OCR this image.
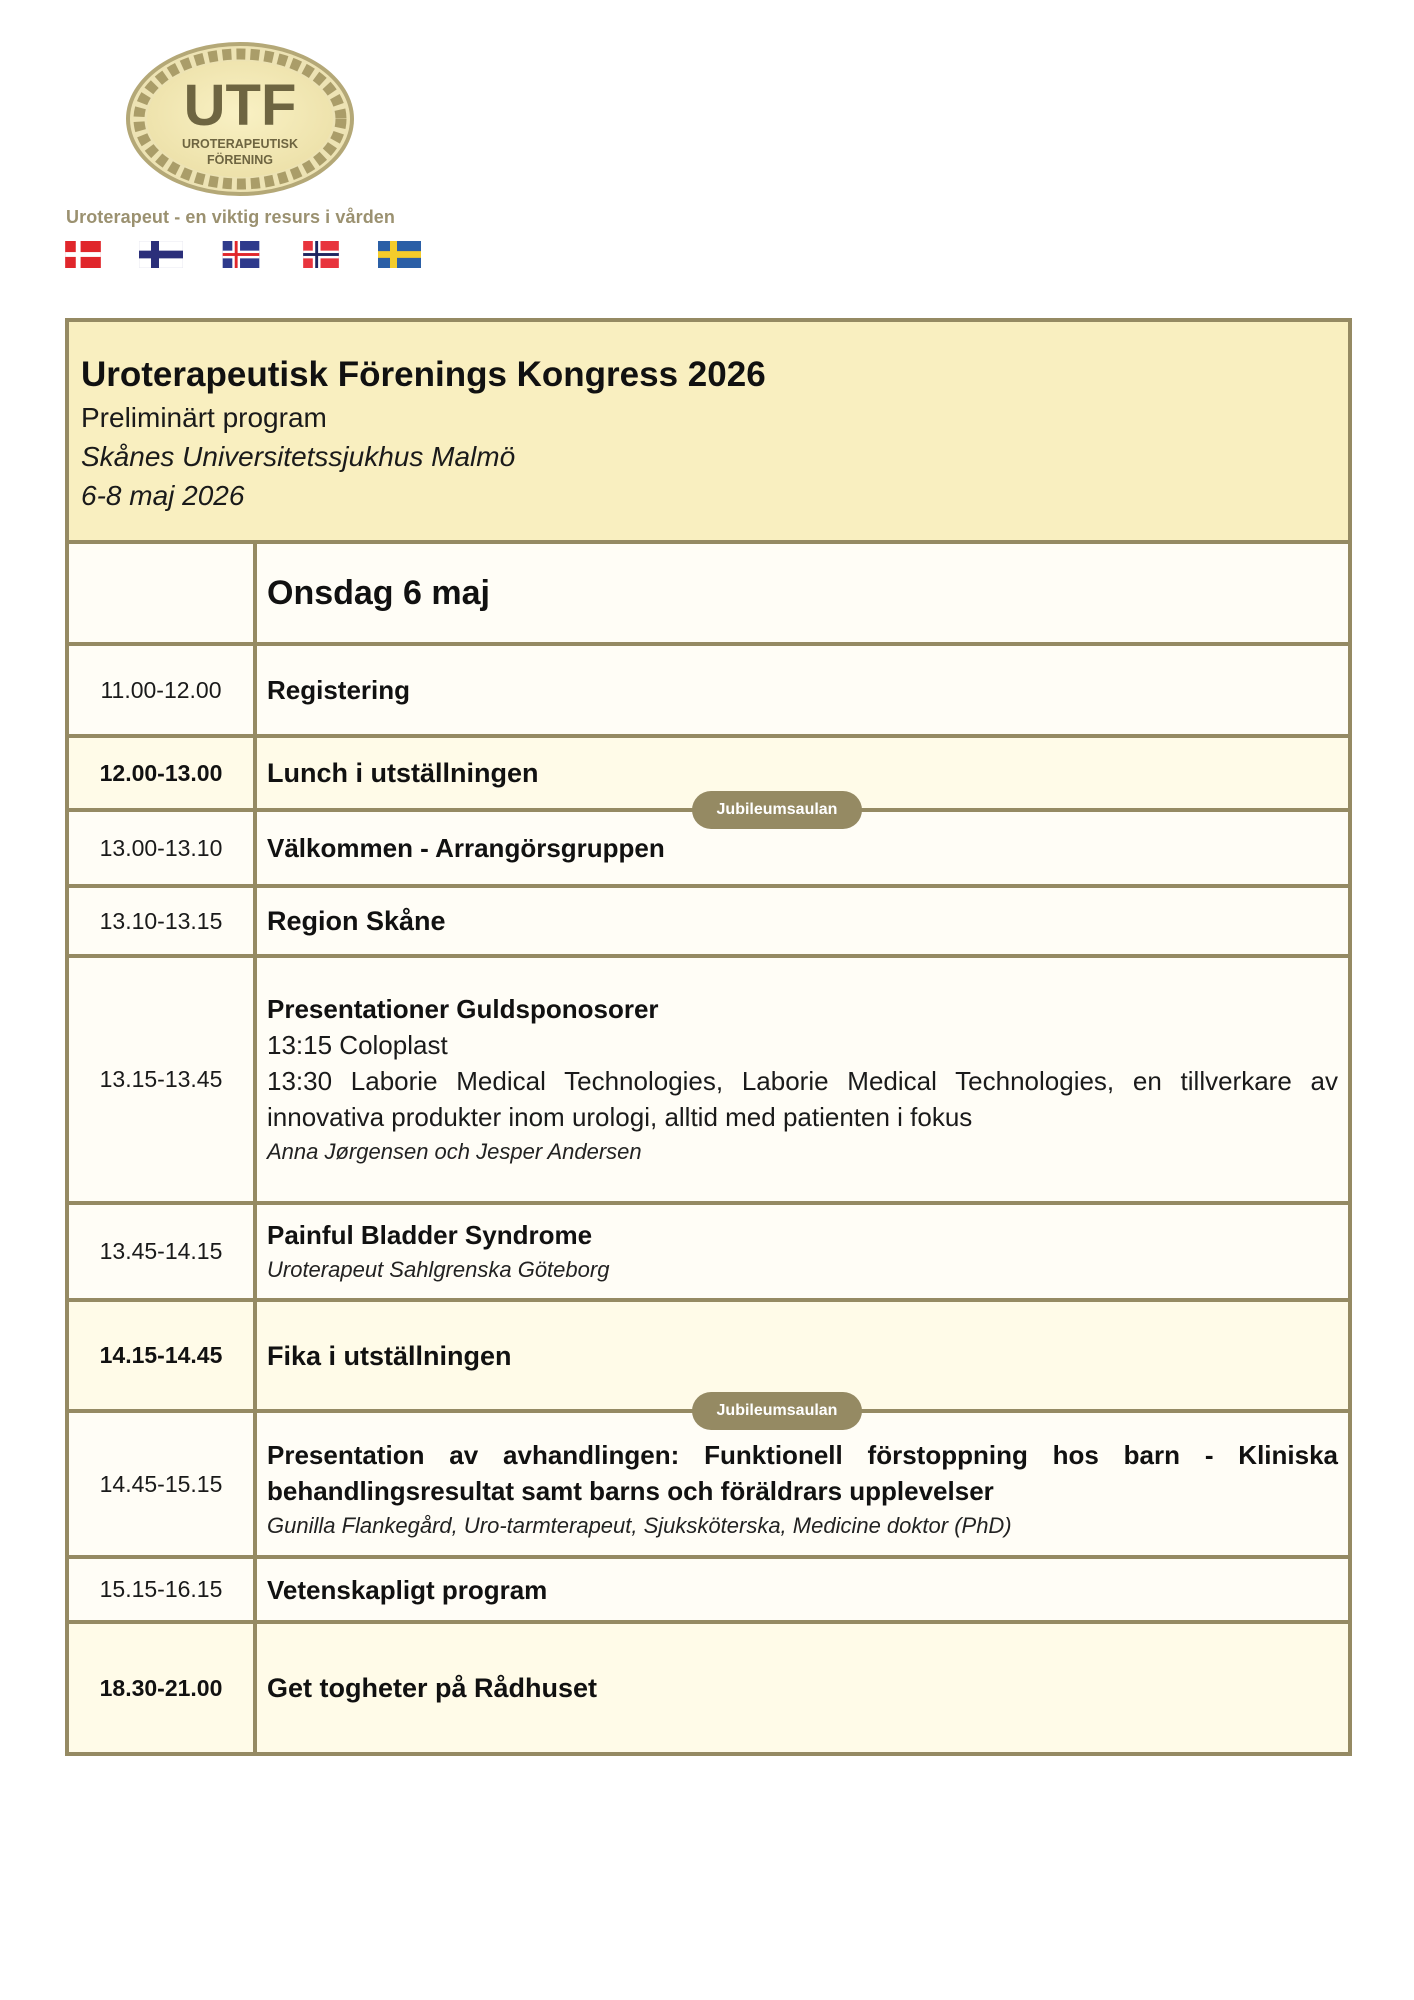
UTF
UROTERAPEUTISK
FÖRENING
Uroterapeut - en viktig resurs i vården
Uroterapeutisk Förenings Kongress 2026
Preliminärt program
Skånes Universitetssjukhus Malmö
6-8 maj 2026
Onsdag 6 maj
11.00-12.00	Registering
12.00-13.00	Lunch i utställningen
Jubileumsaulan
13.00-13.10	Välkommen - Arrangörsgruppen
13.10-13.15	Region Skåne
13.15-13.45
Presentationer Guldsponosorer
13:15 Coloplast
13:30 Laborie Medical Technologies, Laborie Medical Technologies, en tillverkare av innovativa produkter inom urologi, alltid med patienten i fokus
Anna Jørgensen och Jesper Andersen
13.45-14.15
Painful Bladder Syndrome
Uroterapeut Sahlgrenska Göteborg
14.15-14.45	Fika i utställningen
Jubileumsaulan
14.45-15.15
Presentation av avhandlingen: Funktionell förstoppning hos barn - Kliniska behandlingsresultat samt barns och föräldrars upplevelser
Gunilla Flankegård, Uro-tarmterapeut, Sjuksköterska, Medicine doktor (PhD)
15.15-16.15	Vetenskapligt program
18.30-21.00	Get togheter på Rådhuset
